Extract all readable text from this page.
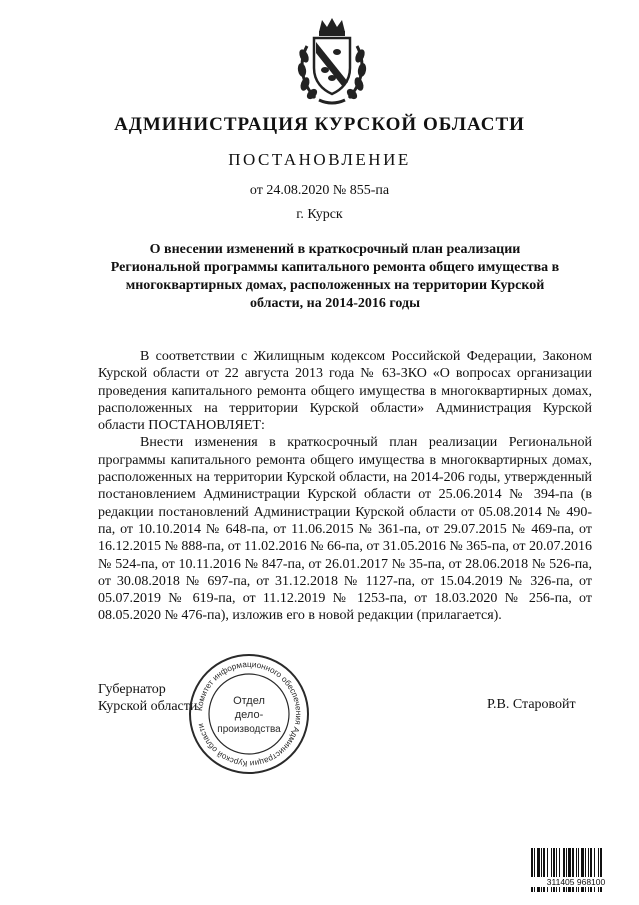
АДМИНИСТРАЦИЯ КУРСКОЙ ОБЛАСТИ
ПОСТАНОВЛЕНИЕ
от 24.08.2020 № 855-па
г. Курск
О внесении изменений в краткосрочный план реализации
Региональной программы капитального ремонта общего имущества в
многоквартирных домах, расположенных на территории Курской
области, на 2014-2016 годы

В соответствии с Жилищным кодексом Российской Федерации, Законом Курской области от 22 августа 2013 года № 63-ЗКО «О вопросах организации проведения капитального ремонта общего имущества в многоквартирных домах, расположенных на территории Курской области» Администрация Курской области ПОСТАНОВЛЯЕТ:

Внести изменения в краткосрочный план реализации Региональной программы капитального ремонта общего имущества в многоквартирных домах, расположенных на территории Курской области, на 2014-206 годы, утвержденный постановлением Администрации Курской области от 25.06.2014 № 394-па (в редакции постановлений Администрации Курской области от 05.08.2014 № 490-па, от 10.10.2014 № 648-па, от 11.06.2015 № 361-па, от 29.07.2015 № 469-па, от 16.12.2015 № 888-па, от 11.02.2016 № 66-па, от 31.05.2016 № 365-па, от 20.07.2016 № 524-па, от 10.11.2016 № 847-па, от 26.01.2017 № 35-па, от 28.06.2018 № 526-па, от 30.08.2018 № 697-па, от 31.12.2018 № 1127-па, от 15.04.2019 № 326-па, от 05.07.2019 № 619-па, от 11.12.2019 № 1253-па, от 18.03.2020 № 256-па, от 08.05.2020 № 476-па), изложив его в новой редакции (прилагается).

Губернатор
Курской области	Р.В. Старовойт
Комитет информационного обеспечения Администрации Курской области
Отдел
дело-
производства
311405 968100
